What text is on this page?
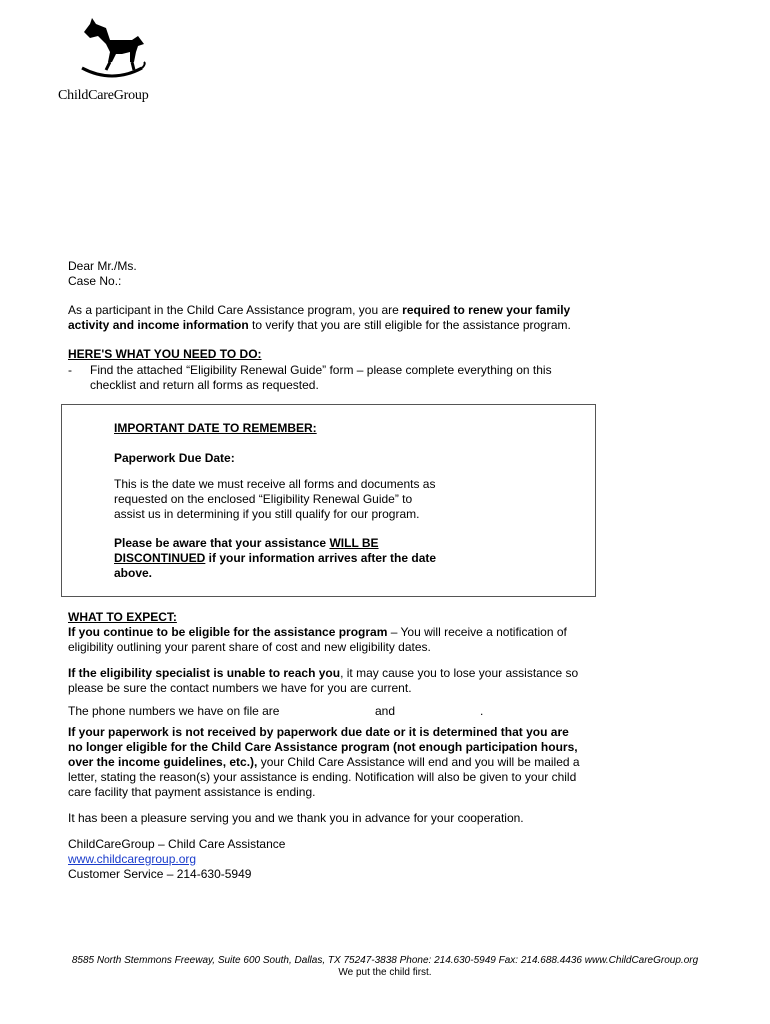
ChildCareGroup
Dear Mr./Ms.
Case No.:
As a participant in the Child Care Assistance program, you are required to renew your family
activity and income information to verify that you are still eligible for the assistance program.
HERE'S WHAT YOU NEED TO DO:
- Find the attached “Eligibility Renewal Guide” form – please complete everything on this
checklist and return all forms as requested.
IMPORTANT DATE TO REMEMBER:
Paperwork Due Date:
This is the date we must receive all forms and documents as
requested on the enclosed “Eligibility Renewal Guide” to
assist us in determining if you still qualify for our program.
Please be aware that your assistance WILL BE
DISCONTINUED if your information arrives after the date
above.
WHAT TO EXPECT:
If you continue to be eligible for the assistance program – You will receive a notification of
eligibility outlining your parent share of cost and new eligibility dates.
If the eligibility specialist is unable to reach you, it may cause you to lose your assistance so
please be sure the contact numbers we have for you are current.
The phone numbers we have on file are	and	.
If your paperwork is not received by paperwork due date or it is determined that you are
no longer eligible for the Child Care Assistance program (not enough participation hours,
over the income guidelines, etc.), your Child Care Assistance will end and you will be mailed a
letter, stating the reason(s) your assistance is ending. Notification will also be given to your child
care facility that payment assistance is ending.
It has been a pleasure serving you and we thank you in advance for your cooperation.
ChildCareGroup – Child Care Assistance
www.childcaregroup.org
Customer Service – 214-630-5949
8585 North Stemmons Freeway, Suite 600 South, Dallas, TX 75247-3838 Phone: 214.630-5949 Fax: 214.688.4436 www.ChildCareGroup.org
We put the child first.
